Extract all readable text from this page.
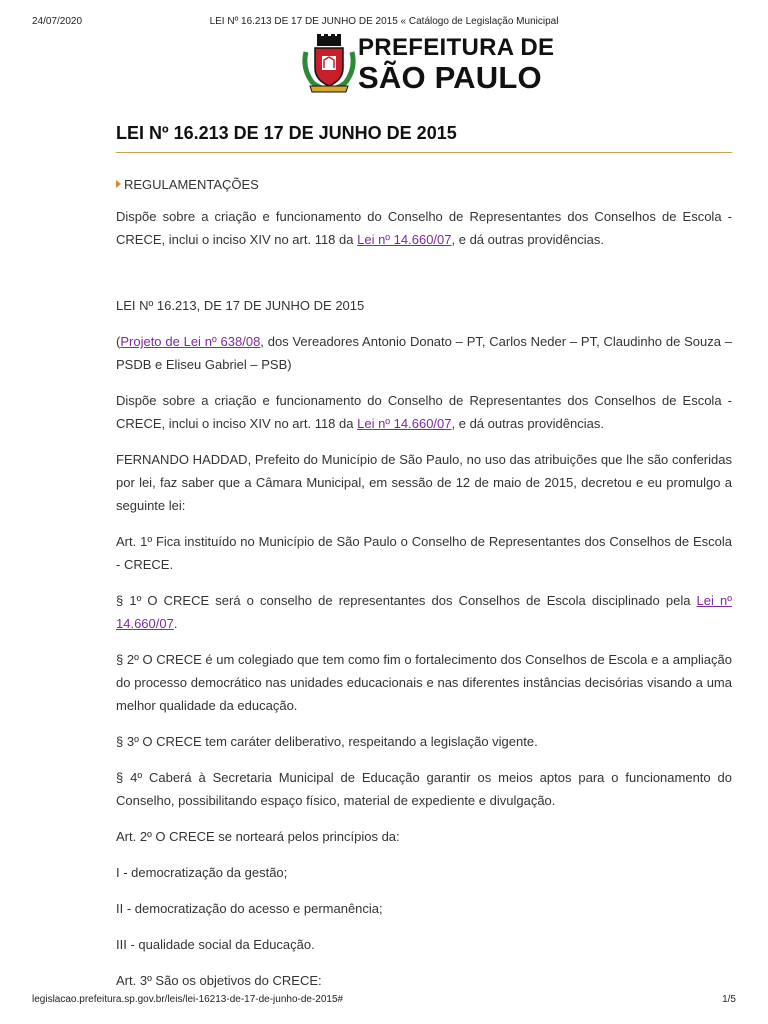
24/07/2020	LEI Nº 16.213 DE 17 DE JUNHO DE 2015 « Catálogo de Legislação Municipal
PREFEITURA DE
SÃO PAULO
LEI Nº 16.213 DE 17 DE JUNHO DE 2015
REGULAMENTAÇÕES

Dispõe sobre a criação e funcionamento do Conselho de Representantes dos Conselhos de Escola - CRECE, inclui o inciso XIV no art. 118 da Lei nº 14.660/07, e dá outras providências.

LEI Nº 16.213, DE 17 DE JUNHO DE 2015

(Projeto de Lei nº 638/08, dos Vereadores Antonio Donato – PT, Carlos Neder – PT, Claudinho de Souza – PSDB e Eliseu Gabriel – PSB)

Dispõe sobre a criação e funcionamento do Conselho de Representantes dos Conselhos de Escola - CRECE, inclui o inciso XIV no art. 118 da Lei nº 14.660/07, e dá outras providências.

FERNANDO HADDAD, Prefeito do Município de São Paulo, no uso das atribuições que lhe são conferidas por lei, faz saber que a Câmara Municipal, em sessão de 12 de maio de 2015, decretou e eu promulgo a seguinte lei:

Art. 1º Fica instituído no Município de São Paulo o Conselho de Representantes dos Conselhos de Escola - CRECE.

§ 1º O CRECE será o conselho de representantes dos Conselhos de Escola disciplinado pela Lei nº 14.660/07.

§ 2º O CRECE é um colegiado que tem como fim o fortalecimento dos Conselhos de Escola e a ampliação do processo democrático nas unidades educacionais e nas diferentes instâncias decisórias visando a uma melhor qualidade da educação.

§ 3º O CRECE tem caráter deliberativo, respeitando a legislação vigente.

§ 4º Caberá à Secretaria Municipal de Educação garantir os meios aptos para o funcionamento do Conselho, possibilitando espaço físico, material de expediente e divulgação.

Art. 2º O CRECE se norteará pelos princípios da:

I - democratização da gestão;

II - democratização do acesso e permanência;

III - qualidade social da Educação.

Art. 3º São os objetivos do CRECE:

legislacao.prefeitura.sp.gov.br/leis/lei-16213-de-17-de-junho-de-2015#	1/5
